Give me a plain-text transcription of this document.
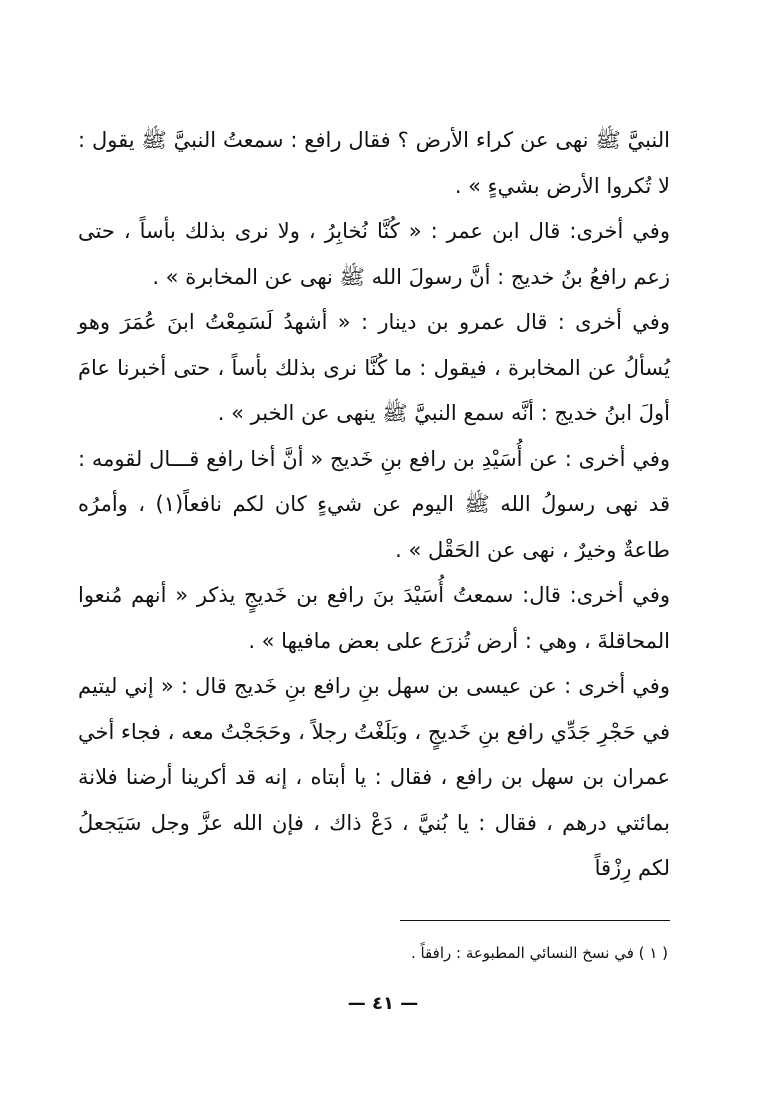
النبيَّ ﷺ نهى عن كراء الأرض ؟ فقال رافع : سمعتُ النبيَّ ﷺ يقول : لا تُكروا الأرض بشيءٍ » .

وفي أخرى: قال ابن عمر : « كُنَّا نُخابِرُ ، ولا نرى بذلك بأساً ، حتى زعم رافعُ بنُ خديج : أنَّ رسولَ الله ﷺ نهى عن المخابرة » .

وفي أخرى : قال عمرو بن دينار : « أشهدُ لَسَمِعْتُ ابنَ عُمَرَ وهو يُسألُ عن المخابرة ، فيقول : ما كُنَّا نرى بذلك بأساً ، حتى أخبرنا عامَ أولَ ابنُ خديج : أنَّه سمع النبيَّ ﷺ ينهى عن الخبر » .

وفي أخرى : عن أُسَيْدِ بن رافع بنِ خَديج « أنَّ أخا رافع قـــال لقومه : قد نهى رسولُ الله ﷺ اليوم عن شيءٍ كان لكم نافعاً(١) ، وأمرُه طاعةٌ وخيرٌ ، نهى عن الحَقْل » .

وفي أخرى: قال: سمعتُ أُسَيْدَ بنَ رافع بن خَديجٍ يذكر « أنهم مُنعوا المحاقلةَ ، وهي : أرض تُزرَع على بعض مافيها » .

وفي أخرى : عن عيسى بن سهل بنِ رافع بنِ خَديج قال : « إني ليتيم في حَجْرِ جَدِّي رافع بنِ خَديجٍ ، وبَلَغْتُ رجلاً ، وحَجَجْتُ معه ، فجاء أخي عمران بن سهل بن رافع ، فقال : يا أبتاه ، إنه قد أكرينا أرضنا فلانة بمائتي درهم ، فقال : يا بُنيَّ ، دَعْ ذاك ، فإن الله عزَّ وجل سَيَجعلُ لكم رِزْقاً

( ١ ) في نسخ النسائي المطبوعة : رافقاً .
— ٤١ —
